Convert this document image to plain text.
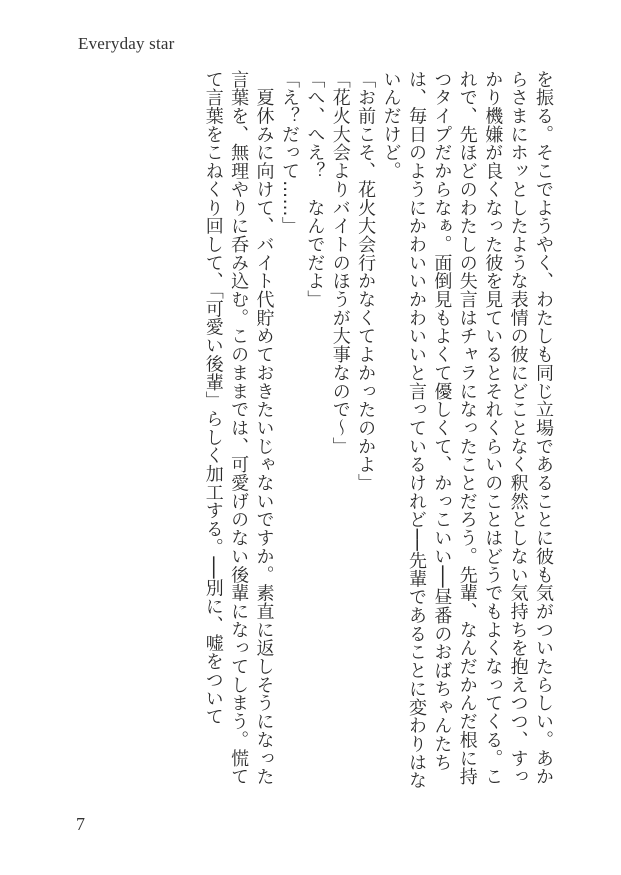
Everyday star

を振る。そこでようやく、わたしも同じ立場であることに彼も気がついたらしい。あからさまにホッとしたような表情の彼にどことなく釈然としない気持ちを抱えつつ、すっかり機嫌が良くなった彼を見ているとそれくらいのことはどうでもよくなってくる。これで、先ほどのわたしの失言はチャラになったことだろう。先輩、なんだかんだ根に持つタイプだからなぁ。面倒見もよくて優しくて、かっこいい──昼番のおばちゃんたちは、毎日のようにかわいいかわいいと言っているけれど──先輩であることに変わりはないんだけど。

「お前こそ、花火大会行かなくてよかったのかよ」

「花火大会よりバイトのほうが大事なので〜」

「へ、へえ？　なんでだよ」

「え？だって……」

　夏休みに向けて、バイト代貯めておきたいじゃないですか。素直に返しそうになった言葉を、無理やりに呑み込む。このままでは、可愛げのない後輩になってしまう。慌てて言葉をこねくり回して、「可愛い後輩」らしく加工する。──別に、嘘をついて

7
